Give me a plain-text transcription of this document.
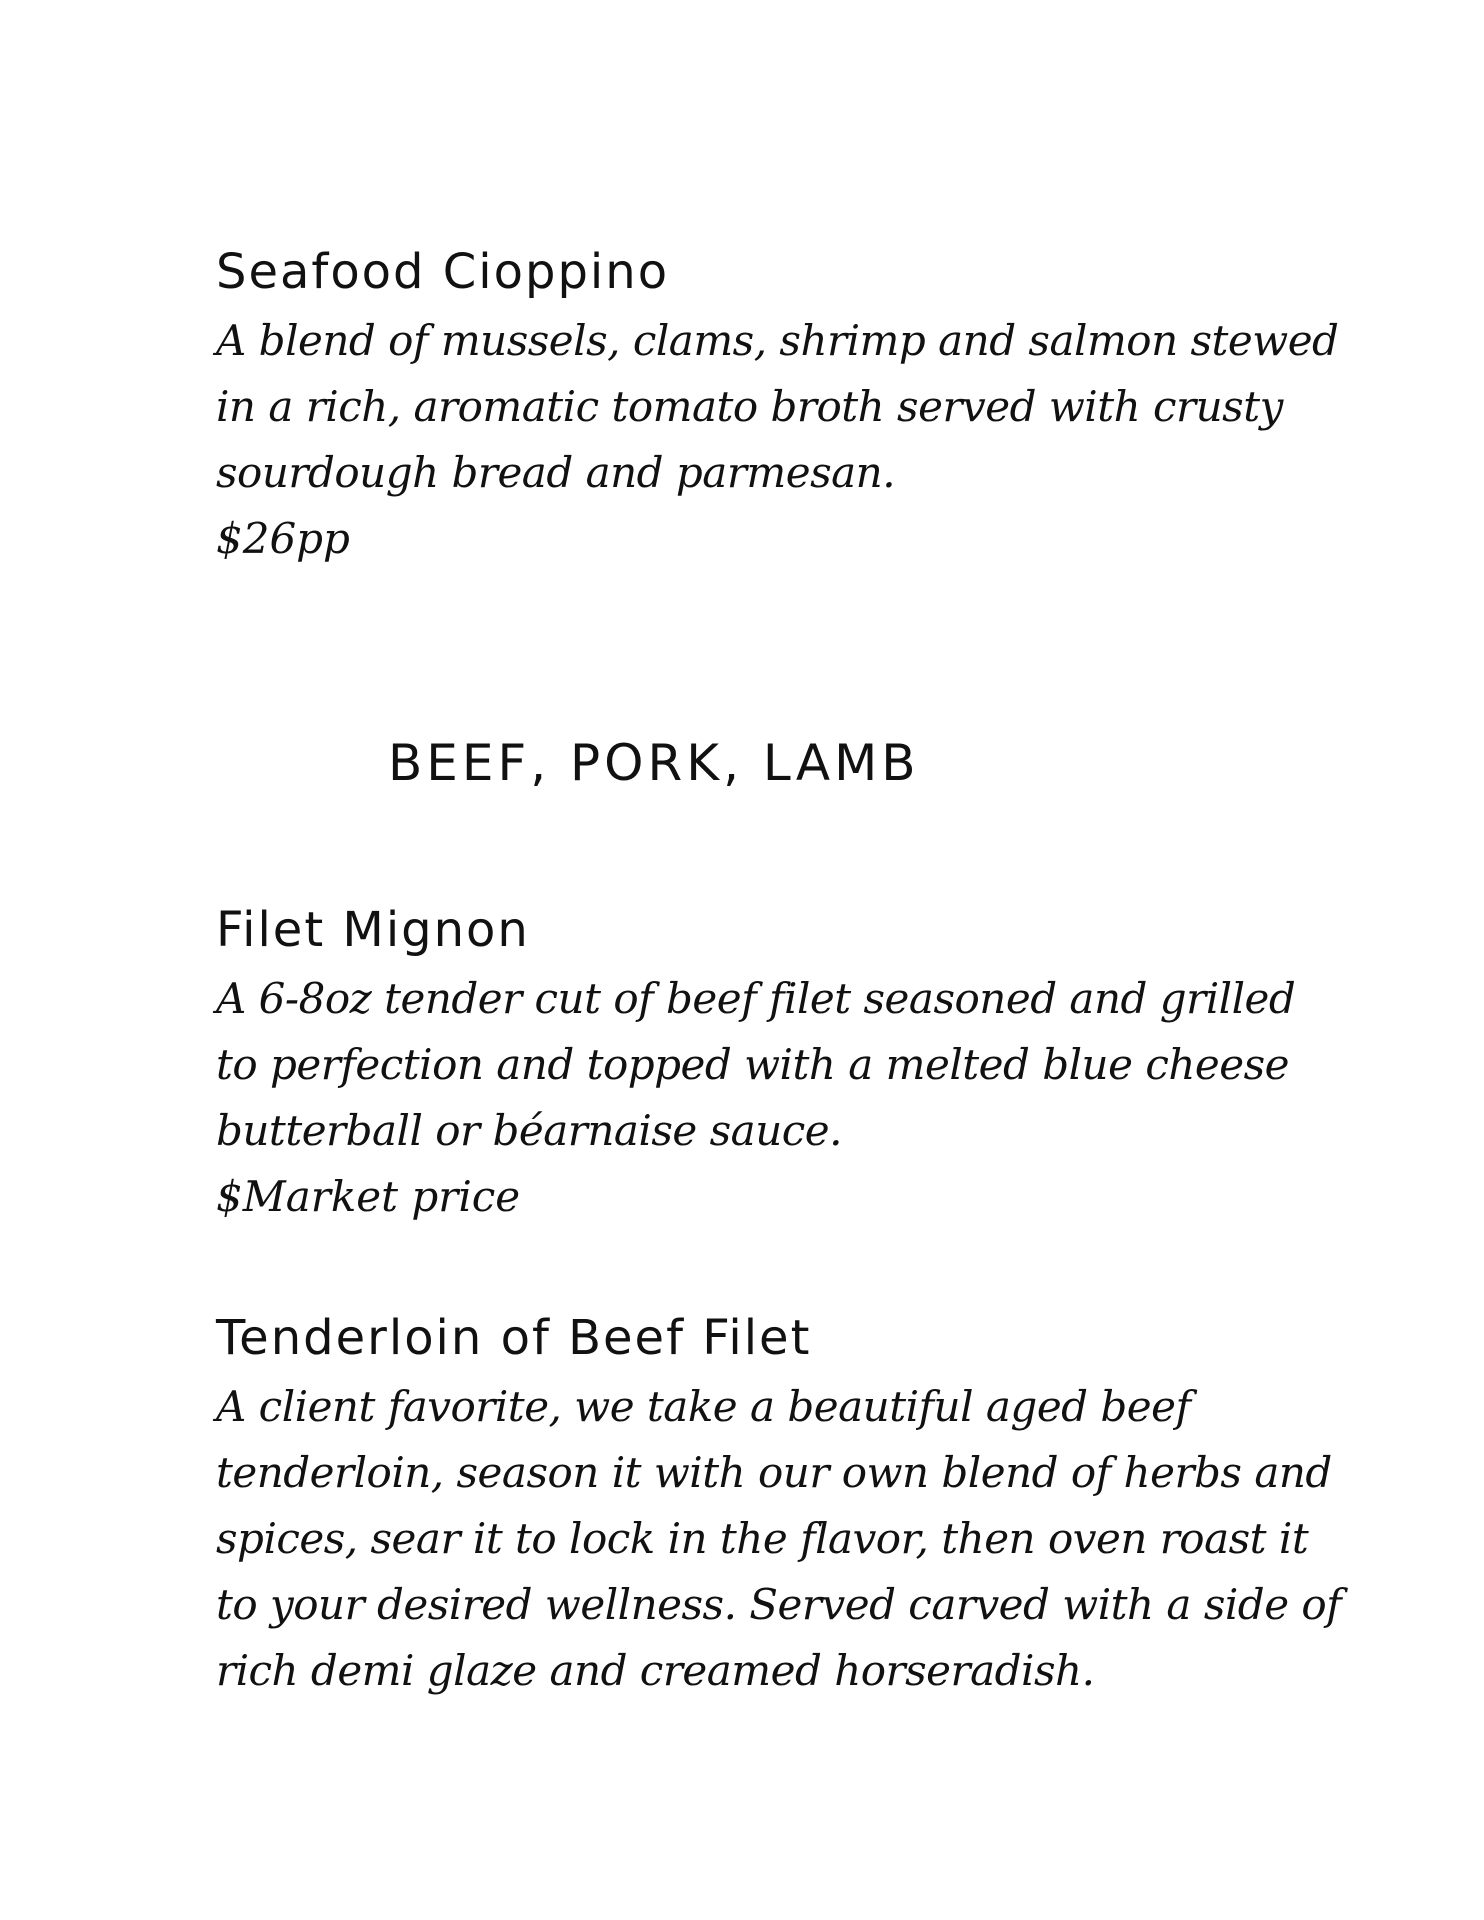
Seafood Cioppino

A blend of mussels, clams, shrimp and salmon stewed
in a rich, aromatic tomato broth served with crusty
sourdough bread and parmesan.

$26pp

BEEF, PORK, LAMB
Filet Mignon

A 6-8oz tender cut of beef filet seasoned and grilled
to perfection and topped with a melted blue cheese
butterball or béarnaise sauce.

$Market price

Tenderloin of Beef Filet

A client favorite, we take a beautiful aged beef
tenderloin, season it with our own blend of herbs and
spices, sear it to lock in the flavor, then oven roast it
to your desired wellness. Served carved with a side of
rich demi glaze and creamed horseradish.
